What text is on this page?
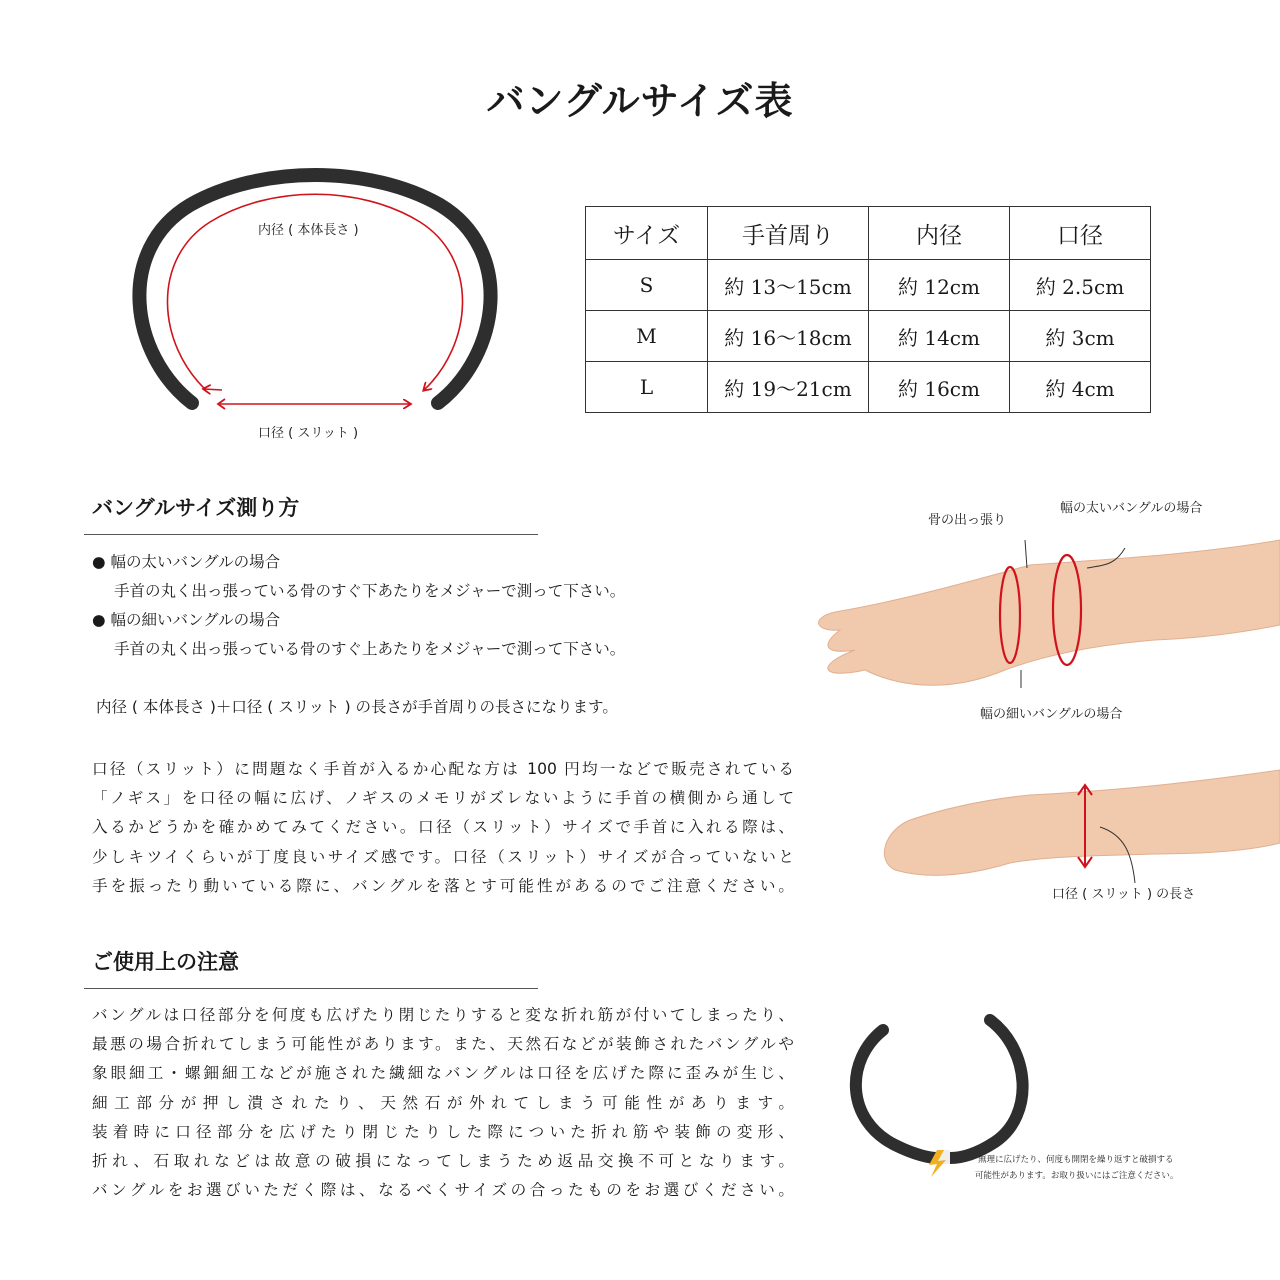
バングルサイズ表
内径 ( 本体長さ )
口径 ( スリット )
サイズ	手首周り	内径	口径
S	約 13～15cm	約 12cm	約 2.5cm
M	約 16～18cm	約 14cm	約 3cm
L	約 19～21cm	約 16cm	約 4cm
バングルサイズ測り方
● 幅の太いバングルの場合
手首の丸く出っ張っている骨のすぐ下あたりをメジャーで測って下さい。
● 幅の細いバングルの場合
手首の丸く出っ張っている骨のすぐ上あたりをメジャーで測って下さい。
内径 ( 本体長さ )＋口径 ( スリット ) の長さが手首周りの長さになります。
口径（スリット）に問題なく手首が入るか心配な方は 100 円均一などで販売されている
「ノギス」を口径の幅に広げ、ノギスのメモリがズレないように手首の横側から通して
入るかどうかを確かめてみてください。口径（スリット）サイズで手首に入れる際は、
少しキツイくらいが丁度良いサイズ感です。口径（スリット）サイズが合っていないと
手を振ったり動いている際に、バングルを落とす可能性があるのでご注意ください。
骨の出っ張り
幅の太いバングルの場合
幅の細いバングルの場合
口径 ( スリット ) の長さ
ご使用上の注意
バングルは口径部分を何度も広げたり閉じたりすると変な折れ筋が付いてしまったり、
最悪の場合折れてしまう可能性があります。また、天然石などが装飾されたバングルや
象眼細工・螺鈿細工などが施された繊細なバングルは口径を広げた際に歪みが生じ、
細工部分が押し潰されたり、天然石が外れてしまう可能性があります。
装着時に口径部分を広げたり閉じたりした際についた折れ筋や装飾の変形、
折れ、石取れなどは故意の破損になってしまうため返品交換不可となります。
バングルをお選びいただく際は、なるべくサイズの合ったものをお選びください。
無理に広げたり、何度も開閉を繰り返すと破損する
可能性があります。お取り扱いにはご注意ください。
